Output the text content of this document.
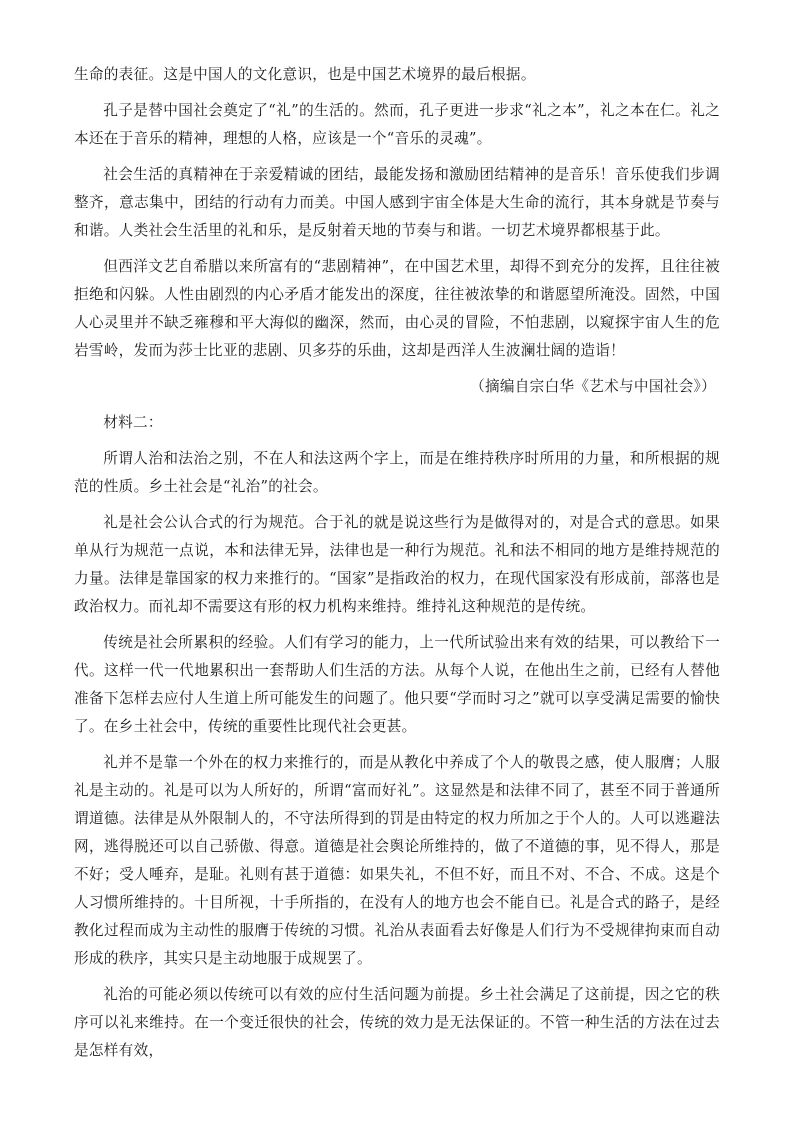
生命的表征。这是中国人的文化意识，也是中国艺术境界的最后根据。

孔子是替中国社会奠定了“礼”的生活的。然而，孔子更进一步求“礼之本”，礼之本在仁。礼之本还在于音乐的精神，理想的人格，应该是一个“音乐的灵魂”。

社会生活的真精神在于亲爱精诚的团结，最能发扬和激励团结精神的是音乐！音乐使我们步调整齐，意志集中，团结的行动有力而美。中国人感到宇宙全体是大生命的流行，其本身就是节奏与和谐。人类社会生活里的礼和乐，是反射着天地的节奏与和谐。一切艺术境界都根基于此。

但西洋文艺自希腊以来所富有的“悲剧精神”，在中国艺术里，却得不到充分的发挥，且往往被拒绝和闪躲。人性由剧烈的内心矛盾才能发出的深度，往往被浓挚的和谐愿望所淹没。固然，中国人心灵里并不缺乏雍穆和平大海似的幽深，然而，由心灵的冒险，不怕悲剧，以窥探宇宙人生的危岩雪岭，发而为莎士比亚的悲剧、贝多芬的乐曲，这却是西洋人生波澜壮阔的造诣！

（摘编自宗白华《艺术与中国社会》）

材料二：

所谓人治和法治之别，不在人和法这两个字上，而是在维持秩序时所用的力量，和所根据的规范的性质。乡土社会是“礼治”的社会。

礼是社会公认合式的行为规范。合于礼的就是说这些行为是做得对的，对是合式的意思。如果单从行为规范一点说，本和法律无异，法律也是一种行为规范。礼和法不相同的地方是维持规范的力量。法律是靠国家的权力来推行的。“国家”是指政治的权力，在现代国家没有形成前，部落也是政治权力。而礼却不需要这有形的权力机构来维持。维持礼这种规范的是传统。

传统是社会所累积的经验。人们有学习的能力，上一代所试验出来有效的结果，可以教给下一代。这样一代一代地累积出一套帮助人们生活的方法。从每个人说，在他出生之前，已经有人替他准备下怎样去应付人生道上所可能发生的问题了。他只要“学而时习之”就可以享受满足需要的愉快了。在乡土社会中，传统的重要性比现代社会更甚。

礼并不是靠一个外在的权力来推行的，而是从教化中养成了个人的敬畏之感，使人服膺；人服礼是主动的。礼是可以为人所好的，所谓“富而好礼”。这显然是和法律不同了，甚至不同于普通所谓道德。法律是从外限制人的，不守法所得到的罚是由特定的权力所加之于个人的。人可以逃避法网，逃得脱还可以自己骄傲、得意。道德是社会舆论所维持的，做了不道德的事，见不得人，那是不好；受人唾弃，是耻。礼则有甚于道德：如果失礼，不但不好，而且不对、不合、不成。这是个人习惯所维持的。十目所视，十手所指的，在没有人的地方也会不能自已。礼是合式的路子，是经教化过程而成为主动性的服膺于传统的习惯。礼治从表面看去好像是人们行为不受规律拘束而自动形成的秩序，其实只是主动地服于成规罢了。

礼治的可能必须以传统可以有效的应付生活问题为前提。乡土社会满足了这前提，因之它的秩序可以礼来维持。在一个变迁很快的社会，传统的效力是无法保证的。不管一种生活的方法在过去是怎样有效，
